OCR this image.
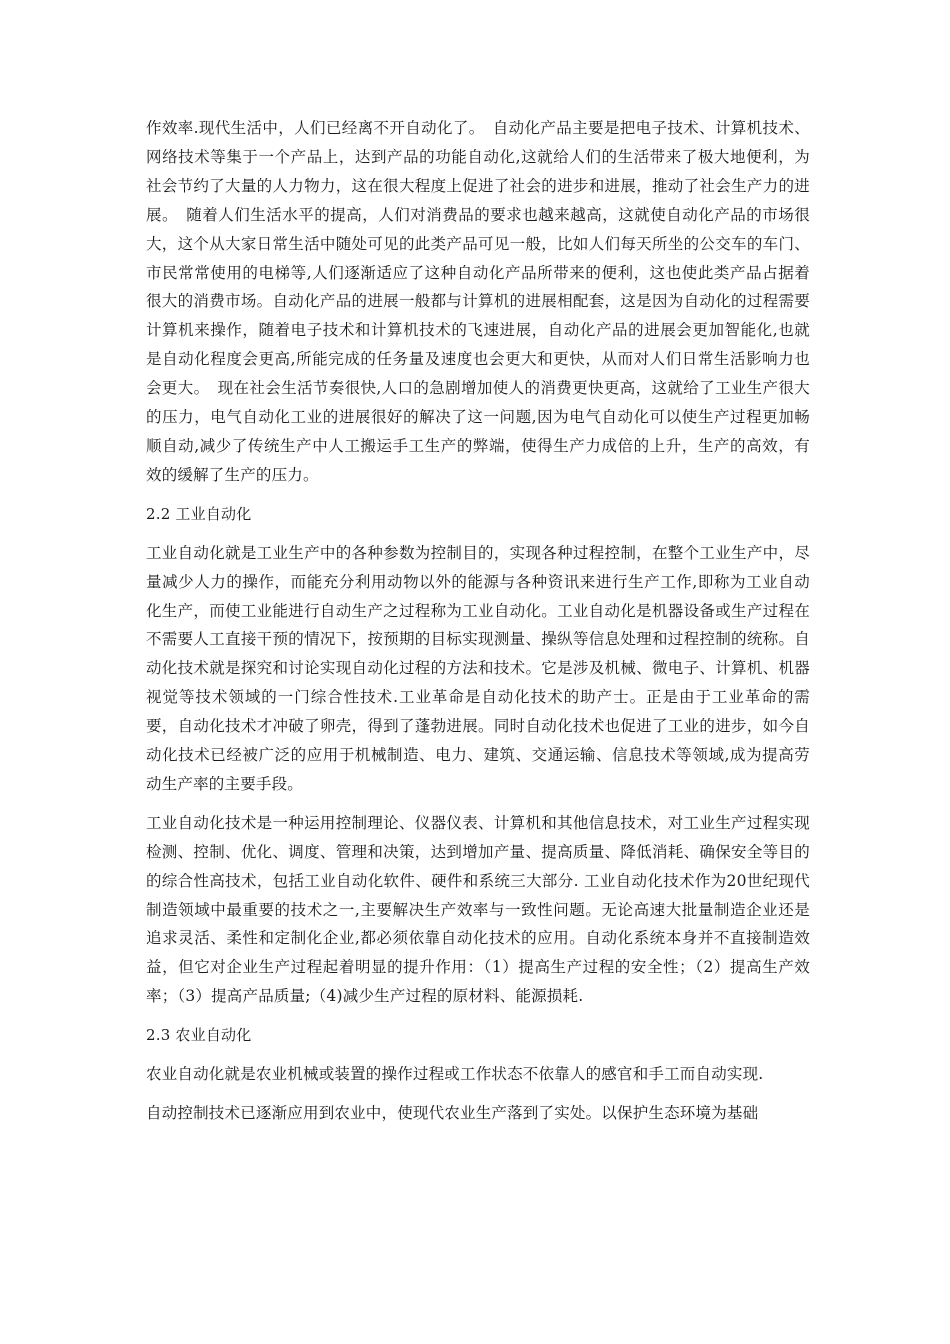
作效率.现代生活中，人们已经离不开自动化了。　自动化产品主要是把电子技术、计算机技术、网络技术等集于一个产品上，达到产品的功能自动化,这就给人们的生活带来了极大地便利，为社会节约了大量的人力物力，这在很大程度上促进了社会的进步和进展，推动了社会生产力的进展。　随着人们生活水平的提高，人们对消费品的要求也越来越高，这就使自动化产品的市场很大，这个从大家日常生活中随处可见的此类产品可见一般，比如人们每天所坐的公交车的车门、市民常常使用的电梯等,人们逐渐适应了这种自动化产品所带来的便利，这也使此类产品占据着很大的消费市场。自动化产品的进展一般都与计算机的进展相配套，这是因为自动化的过程需要计算机来操作，随着电子技术和计算机技术的飞速进展，自动化产品的进展会更加智能化,也就是自动化程度会更高,所能完成的任务量及速度也会更大和更快，从而对人们日常生活影响力也会更大。　现在社会生活节奏很快,人口的急剧增加使人的消费更快更高，这就给了工业生产很大的压力，电气自动化工业的进展很好的解决了这一问题,因为电气自动化可以使生产过程更加畅顺自动,减少了传统生产中人工搬运手工生产的弊端，使得生产力成倍的上升，生产的高效，有效的缓解了生产的压力。

2.2 工业自动化

工业自动化就是工业生产中的各种参数为控制目的，实现各种过程控制，在整个工业生产中，尽量减少人力的操作，而能充分利用动物以外的能源与各种资讯来进行生产工作,即称为工业自动化生产，而使工业能进行自动生产之过程称为工业自动化。工业自动化是机器设备或生产过程在不需要人工直接干预的情况下，按预期的目标实现测量、操纵等信息处理和过程控制的统称。自动化技术就是探究和讨论实现自动化过程的方法和技术。它是涉及机械、微电子、计算机、机器视觉等技术领域的一门综合性技术.工业革命是自动化技术的助产士。正是由于工业革命的需要，自动化技术才冲破了卵壳，得到了蓬勃进展。同时自动化技术也促进了工业的进步，如今自动化技术已经被广泛的应用于机械制造、电力、建筑、交通运输、信息技术等领域,成为提高劳动生产率的主要手段。

工业自动化技术是一种运用控制理论、仪器仪表、计算机和其他信息技术，对工业生产过程实现检测、控制、优化、调度、管理和决策，达到增加产量、提高质量、降低消耗、确保安全等目的的综合性高技术，包括工业自动化软件、硬件和系统三大部分. 工业自动化技术作为20世纪现代制造领域中最重要的技术之一,主要解决生产效率与一致性问题。无论高速大批量制造企业还是追求灵活、柔性和定制化企业,都必须依靠自动化技术的应用。自动化系统本身并不直接制造效益，但它对企业生产过程起着明显的提升作用：（1）提高生产过程的安全性；（2）提高生产效率；（3）提高产品质量;（4)减少生产过程的原材料、能源损耗.

2.3 农业自动化

农业自动化就是农业机械或装置的操作过程或工作状态不依靠人的感官和手工而自动实现.

自动控制技术已逐渐应用到农业中，使现代农业生产落到了实处。以保护生态环境为基础
